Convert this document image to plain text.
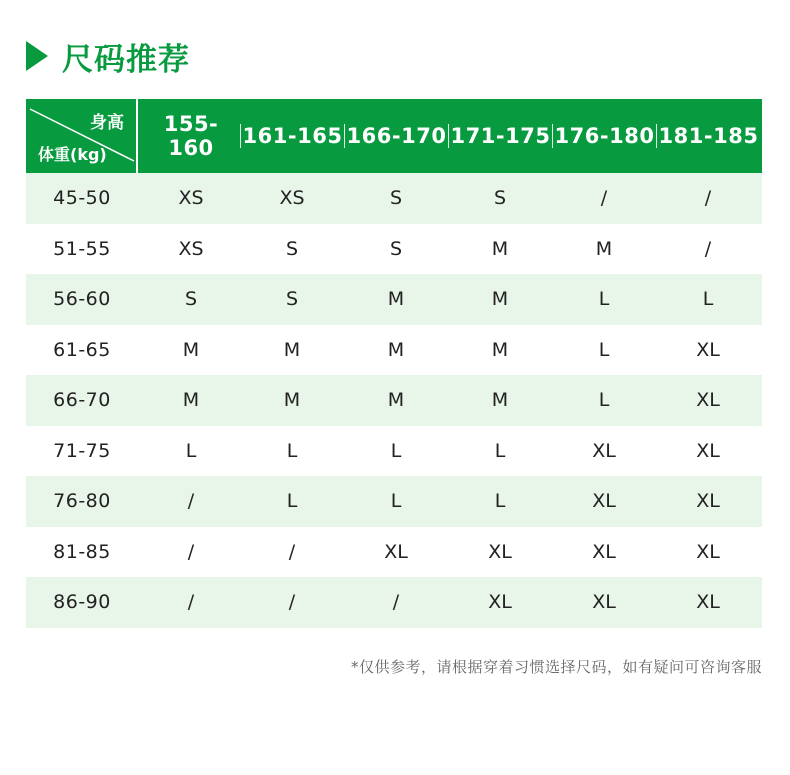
尺码推荐
身高
体重(kg)
155-160	161-165 166-170 171-175 176-180 181-185
45-50	XS	XS	S	S	/	/
51-55	XS	S	S	M	M	/
56-60	S	S	M	M	L	L
61-65	M	M	M	M	L	XL
66-70	M	M	M	M	L	XL
71-75	L	L	L	L	XL	XL
76-80	/	L	L	L	XL	XL
81-85	/	/	XL	XL	XL	XL
86-90	/	/	/	XL	XL	XL
*仅供参考，请根据穿着习惯选择尺码，如有疑问可咨询客服
